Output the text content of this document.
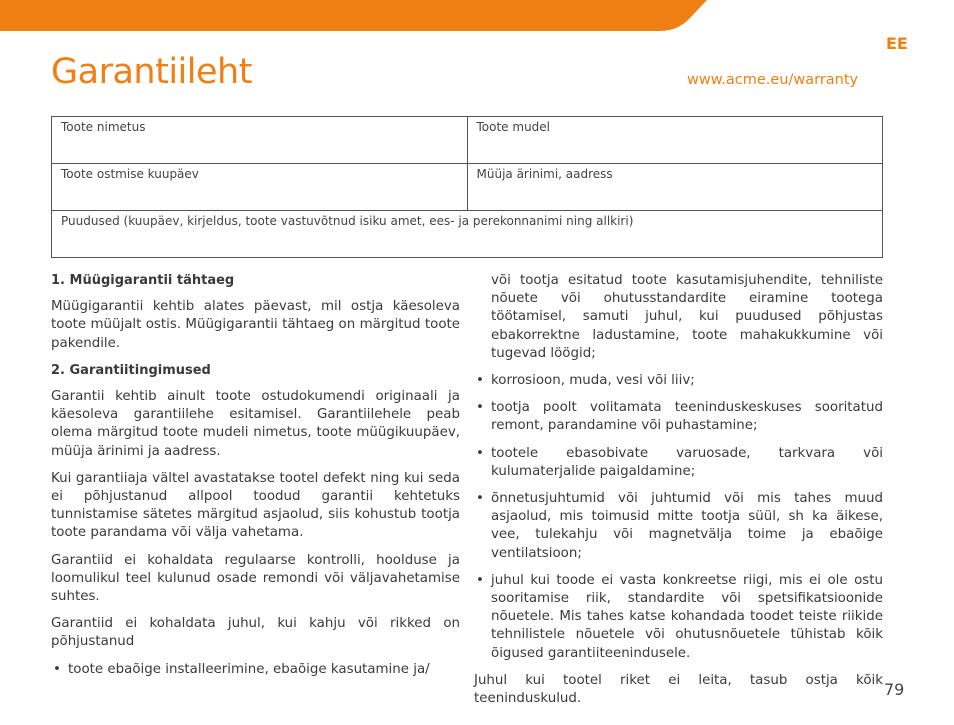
EE
Garantiileht	www.acme.eu/warranty
Toote nimetus	Toote mudel
Toote ostmise kuupäev	Müüja ärinimi, aadress
Puudused (kuupäev, kirjeldus, toote vastuvõtnud isiku amet, ees- ja perekonnanimi ning allkiri)	
1. Müügigarantii tähtaeg

Müügigarantii kehtib alates päevast, mil ostja käesoleva toote müüjalt ostis. Müügigarantii tähtaeg on märgitud toote pakendile.

2. Garantiitingimused

Garantii kehtib ainult toote ostudokumendi originaali ja käesoleva garantiilehe esitamisel. Garantiilehele peab olema märgitud toote mudeli nimetus, toote müügikuupäev, müüja ärinimi ja aadress.

Kui garantiiaja vältel avastatakse tootel defekt ning kui seda ei põhjustanud allpool toodud garantii kehtetuks tunnistamise sätetes märgitud asjaolud, siis kohustub tootja toote parandama või välja vahetama.

Garantiid ei kohaldata regulaarse kontrolli, hoolduse ja loomulikul teel kulunud osade remondi või väljavahetamise suhtes.

Garantiid ei kohaldata juhul, kui kahju või rikked on põhjustanud

• toote ebaõige installeerimine, ebaõige kasutamine ja/
või tootja esitatud toote kasutamisjuhendite, tehniliste nõuete või ohutusstandardite eiramine tootega töötamisel, samuti juhul, kui puudused põhjustas ebakorrektne ladustamine, toote mahakukkumine või tugevad löögid;
• korrosioon, muda, vesi või liiv;
• tootja poolt volitamata teeninduskeskuses sooritatud remont, parandamine või puhastamine;
• tootele ebasobivate varuosade, tarkvara või kulumaterjalide paigaldamine;
• õnnetusjuhtumid või juhtumid või mis tahes muud asjaolud, mis toimusid mitte tootja süül, sh ka äikese, vee, tulekahju või magnetvälja toime ja ebaõige ventilatsioon;
• juhul kui toode ei vasta konkreetse riigi, mis ei ole ostu sooritamise riik, standardite või spetsifikatsioonide nõuetele. Mis tahes katse kohandada toodet teiste riikide tehnilistele nõuetele või ohutusnõuetele tühistab kõik õigused garantiiteenindusele.

Juhul kui tootel riket ei leita, tasub ostja kõik teeninduskulud.	79
